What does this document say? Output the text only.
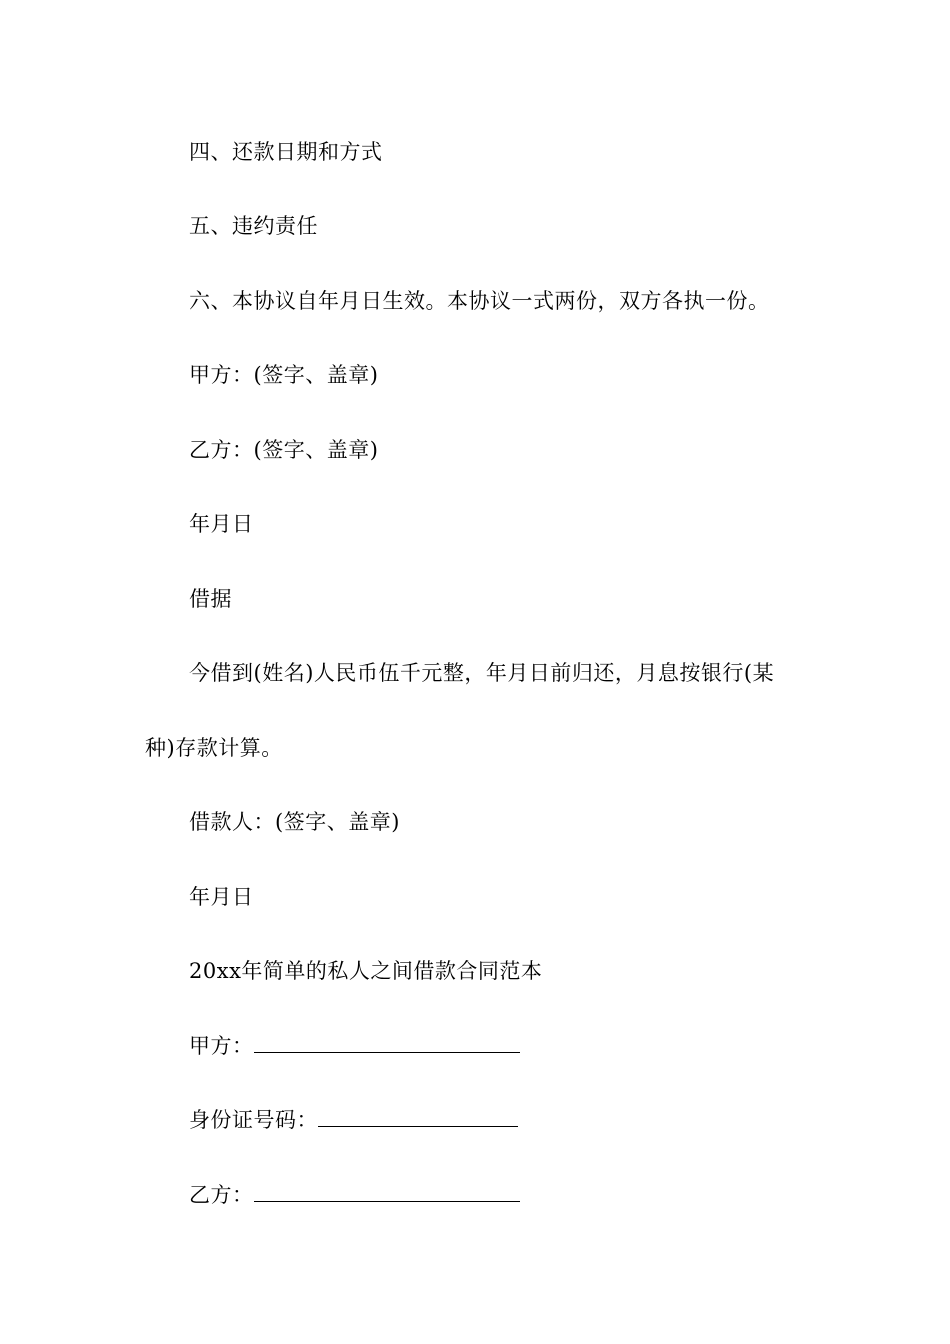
四、还款日期和方式
五、违约责任
六、本协议自年月日生效。本协议一式两份，双方各执一份。
甲方：(签字、盖章)
乙方：(签字、盖章)
年月日
借据
今借到(姓名)人民币伍千元整，年月日前归还，月息按银行(某
种)存款计算。
借款人：(签字、盖章)
年月日
20xx年简单的私人之间借款合同范本
甲方：
身份证号码：
乙方：
